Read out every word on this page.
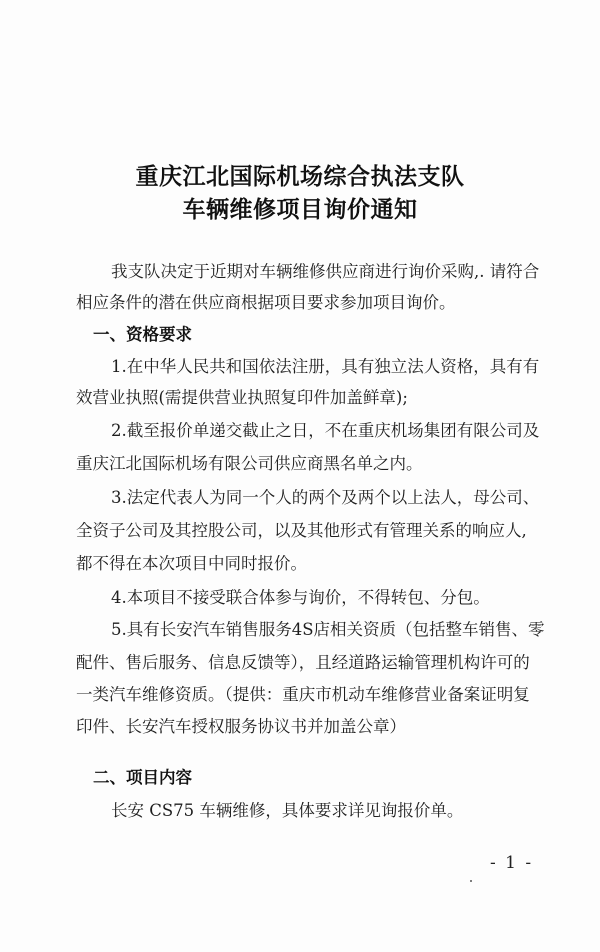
重庆江北国际机场综合执法支队
车辆维修项目询价通知
我支队决定于近期对车辆维修供应商进行询价采购,. 请符合
相应条件的潜在供应商根据项目要求参加项目询价。
一、资格要求
1.在中华人民共和国依法注册，具有独立法人资格，具有有
效营业执照(需提供营业执照复印件加盖鲜章);
2.截至报价单递交截止之日，不在重庆机场集团有限公司及
重庆江北国际机场有限公司供应商黑名单之内。
3.法定代表人为同一个人的两个及两个以上法人，母公司、
全资子公司及其控股公司，以及其他形式有管理关系的响应人,
都不得在本次项目中同时报价。
4.本项目不接受联合体参与询价，不得转包、分包。
5.具有长安汽车销售服务4S店相关资质（包括整车销售、零
配件、售后服务、信息反馈等），且经道路运输管理机构许可的
一类汽车维修资质。（提供：重庆市机动车维修营业备案证明复
印件、长安汽车授权服务协议书并加盖公章）
二、项目内容
长安 CS75 车辆维修，具体要求详见询报价单。
- 1 -
